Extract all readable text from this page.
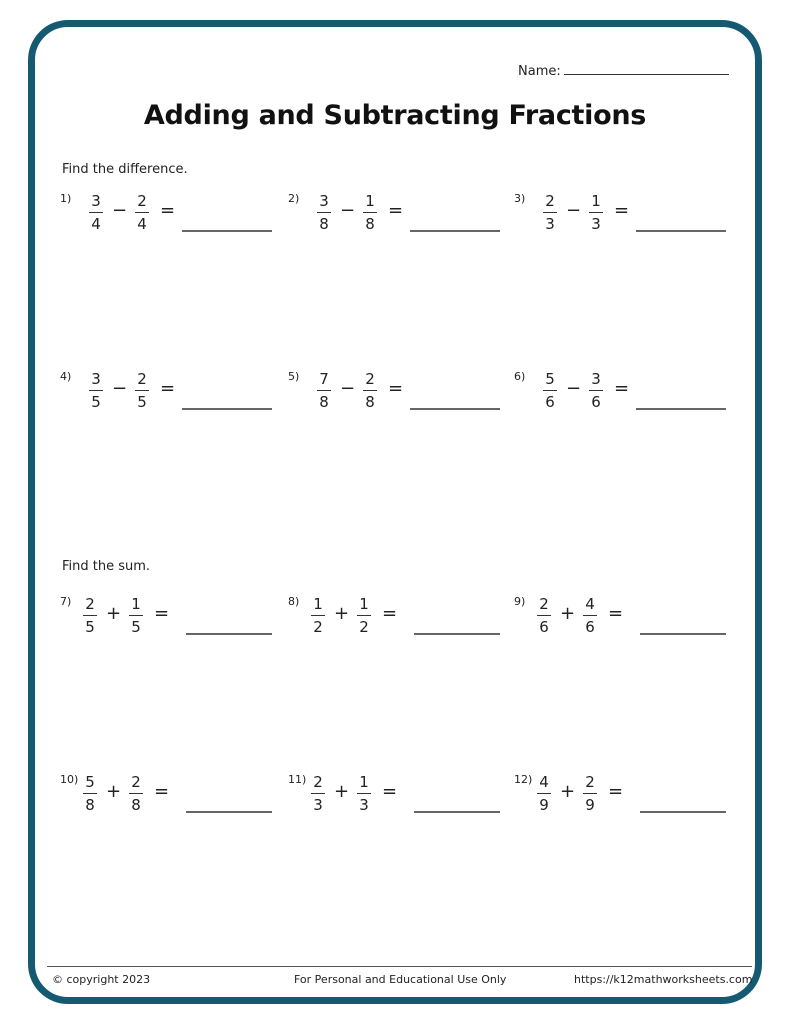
Name:
Adding and Subtracting Fractions
Find the difference.
Find the sum.
1) 3
4
− 2
4
=
2) 3
8
− 1
8
=
3) 2
3
− 1
3
=
4) 3
5
− 2
5
=
5) 7
8
− 2
8
=
6) 5
6
− 3
6
=
7) 2
5
+ 1
5
=
8) 1
2
+ 1
2
=
9) 2
6
+ 4
6
=
10) 5
8
+ 2
8
=
11) 2
3
+ 1
3
=
12) 4
9
+ 2
9
=
© copyright 2023	For Personal and Educational Use Only	https://k12mathworksheets.com
